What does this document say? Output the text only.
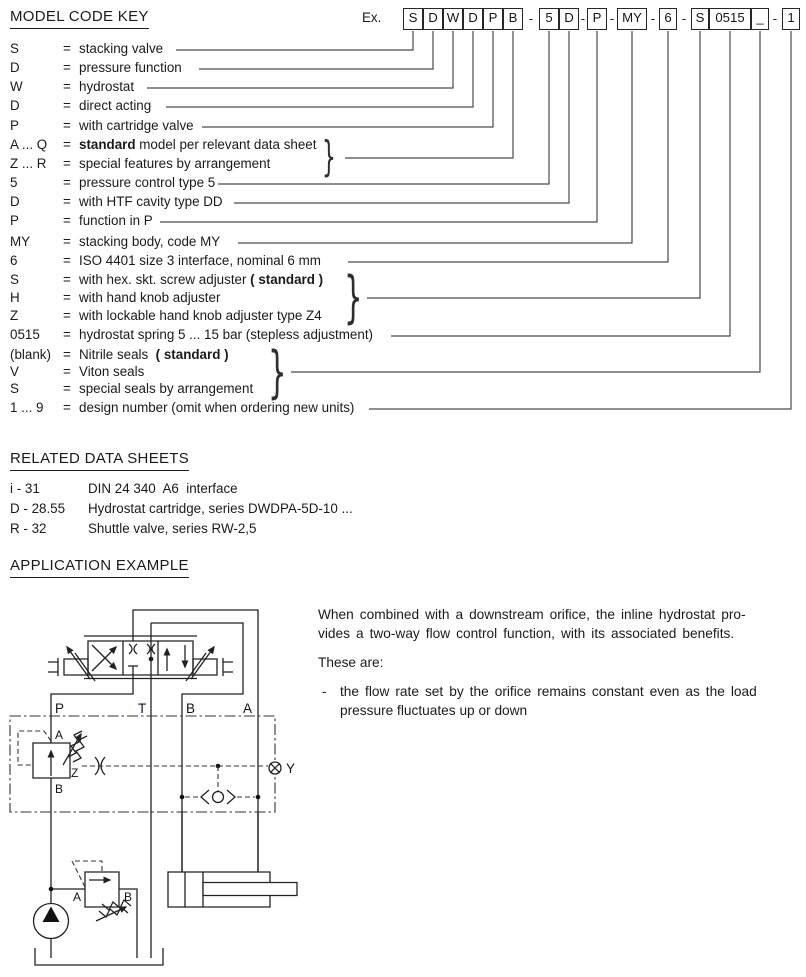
MODEL CODE KEY	Ex.	S D W D P B - 5 D - P - MY - 6 - S 0515 _ - 1
S	= stacking valve
D	= pressure function
W	= hydrostat
D	= direct acting
P	= with cartridge valve
A ... Q = standard model per relevant data sheet
Z ... R = special features by arrangement
5	= pressure control type 5
D	= with HTF cavity type DD
P	= function in P
MY = stacking body, code MY
6	= ISO 4401 size 3 interface, nominal 6 mm
S	= with hex. skt. screw adjuster ( standard )
H	= with hand knob adjuster
Z	= with lockable hand knob adjuster type Z4
0515 = hydrostat spring 5 ... 15 bar (stepless adjustment)
(blank) = Nitrile seals  ( standard )
V	= Viton seals
S	= special seals by arrangement
1 ... 9 = design number (omit when ordering new units)
RELATED DATA SHEETS
i - 31	DIN 24 340  A6  interface
D - 28.55 Hydrostat cartridge, series DWDPA-5D-10 ...
R - 32	Shuttle valve, series RW-2,5
APPLICATION EXAMPLE
When combined with a downstream orifice, the inline hydrostat pro-
vides a two-way flow control function, with its associated benefits.
These are:
- the flow rate set by the orifice remains constant even as the load
pressure fluctuates up or down
P	T	B	A
A
B
Z	Y
A	B
}
}
}
